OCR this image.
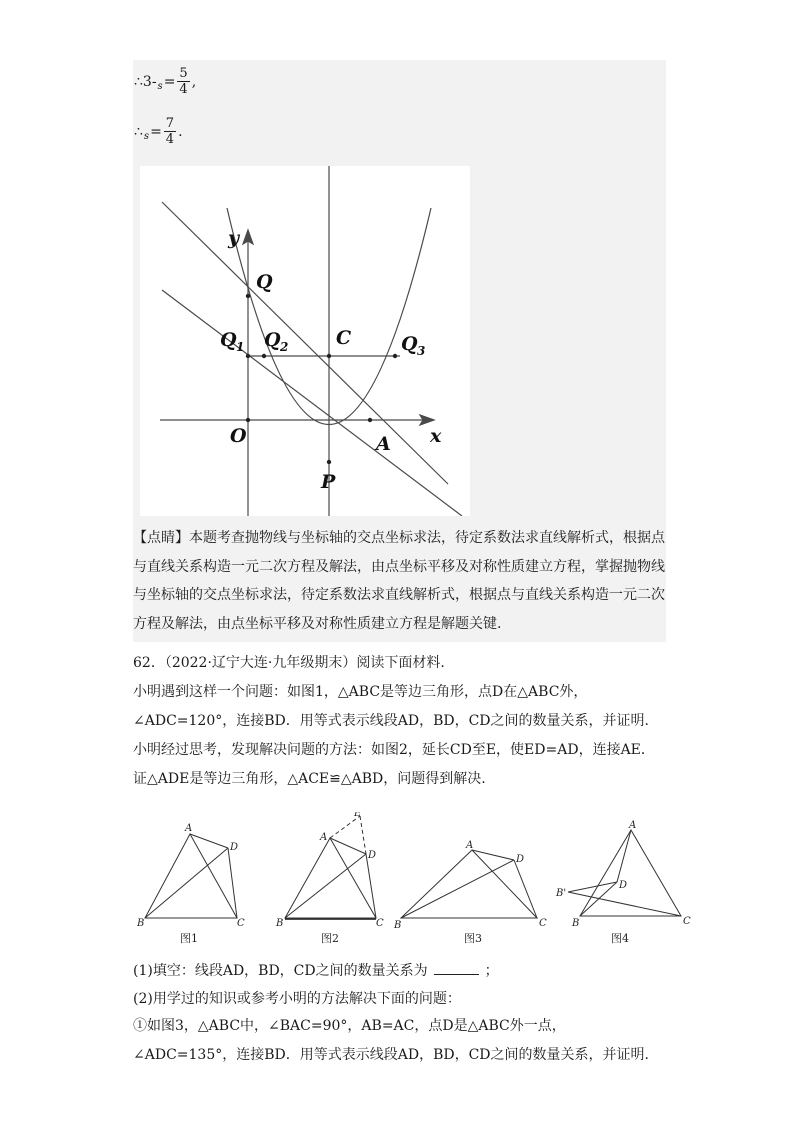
∴3- $s = \frac{5}{4}$ ,
∴ $s = \frac{7}{4}$ .
y
x
Q
Q 1 Q 2	C	Q 3
O	A
P
【点睛】本题考查抛物线与坐标轴的交点坐标求法，待定系数法求直线解析式，根据点与直线关系构造一元二次方程及解法，由点坐标平移及对称性质建立方程，掌握抛物线与坐标轴的交点坐标求法，待定系数法求直线解析式，根据点与直线关系构造一元二次方程及解法，由点坐标平移及对称性质建立方程是解题关键.
62．（2022·辽宁大连·九年级期末）阅读下面材料.
小明遇到这样一个问题：如图1，△ABC是等边三角形，点D在△ABC外，∠ADC=120°，连接BD．用等式表示线段AD，BD，CD之间的数量关系，并证明.
小明经过思考，发现解决问题的方法：如图2，延长CD至E，使ED=AD，连接AE．证△ADE是等边三角形，△ACE≌△ABD，问题得到解决.
A
D
B	C
E
A
D
B	C
A
D
B	C
A
B'
D
B	C
图1	图2	图3	图4
(1)填空：线段AD，BD，CD之间的数量关系为	；
(2)用学过的知识或参考小明的方法解决下面的问题：
①如图3，△ABC中，∠BAC=90°，AB=AC，点D是△ABC外一点，∠ADC=135°，连接BD．用等式表示线段AD，BD，CD之间的数量关系，并证明.
